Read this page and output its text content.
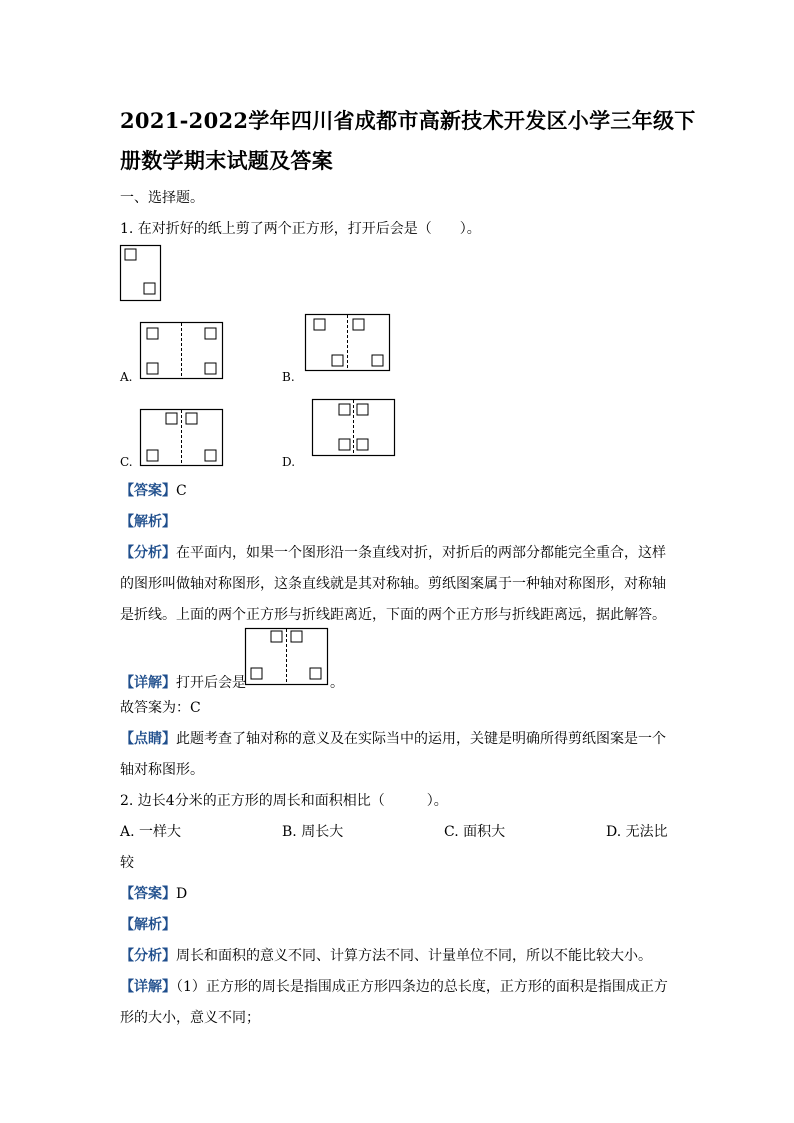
2021-2022学年四川省成都市高新技术开发区小学三年级下
册数学期末试题及答案
一、选择题。
1. 在对折好的纸上剪了两个正方形，打开后会是（　　）。
A.	B.
C.	D.
【答案】C
【解析】
【分析】在平面内，如果一个图形沿一条直线对折，对折后的两部分都能完全重合，这样
的图形叫做轴对称图形，这条直线就是其对称轴。剪纸图案属于一种轴对称图形，对称轴
是折线。上面的两个正方形与折线距离近，下面的两个正方形与折线距离远，据此解答。
【详解】打开后会是	。
故答案为：C
【点睛】此题考查了轴对称的意义及在实际当中的运用，关键是明确所得剪纸图案是一个
轴对称图形。
2. 边长4分米的正方形的周长和面积相比（　　　）。
A. 一样大	B. 周长大	C. 面积大	D. 无法比
较
【答案】D
【解析】
【分析】周长和面积的意义不同、计算方法不同、计量单位不同，所以不能比较大小。
【详解】（1）正方形的周长是指围成正方形四条边的总长度，正方形的面积是指围成正方
形的大小，意义不同；
